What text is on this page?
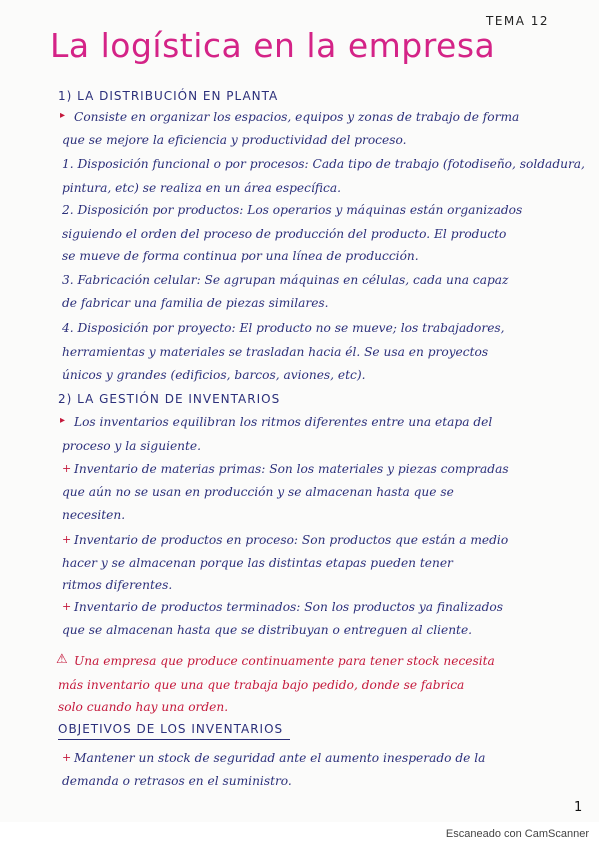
TEMA 12
La logística en la empresa
1) LA DISTRIBUCIÓN EN PLANTA
▸ Consiste en organizar los espacios, equipos y zonas de trabajo de forma
que se mejore la eficiencia y productividad del proceso.
1. Disposición funcional o por procesos: Cada tipo de trabajo (fotodiseño, soldadura,
pintura, etc) se realiza en un área específica.
2. Disposición por productos: Los operarios y máquinas están organizados
siguiendo el orden del proceso de producción del producto. El producto
se mueve de forma continua por una línea de producción.
3. Fabricación celular: Se agrupan máquinas en células, cada una capaz
de fabricar una familia de piezas similares.
4. Disposición por proyecto: El producto no se mueve; los trabajadores,
herramientas y materiales se trasladan hacia él. Se usa en proyectos
únicos y grandes (edificios, barcos, aviones, etc).
2) LA GESTIÓN DE INVENTARIOS
▸ Los inventarios equilibran los ritmos diferentes entre una etapa del
proceso y la siguiente.
+ Inventario de materias primas: Son los materiales y piezas compradas
que aún no se usan en producción y se almacenan hasta que se
necesiten.
+ Inventario de productos en proceso: Son productos que están a medio
hacer y se almacenan porque las distintas etapas pueden tener
ritmos diferentes.
+ Inventario de productos terminados: Son los productos ya finalizados
que se almacenan hasta que se distribuyan o entreguen al cliente.
⚠ Una empresa que produce continuamente para tener stock necesita
más inventario que una que trabaja bajo pedido, donde se fabrica
solo cuando hay una orden.
OBJETIVOS DE LOS INVENTARIOS
+ Mantener un stock de seguridad ante el aumento inesperado de la
demanda o retrasos en el suministro.
1
Escaneado con CamScanner
